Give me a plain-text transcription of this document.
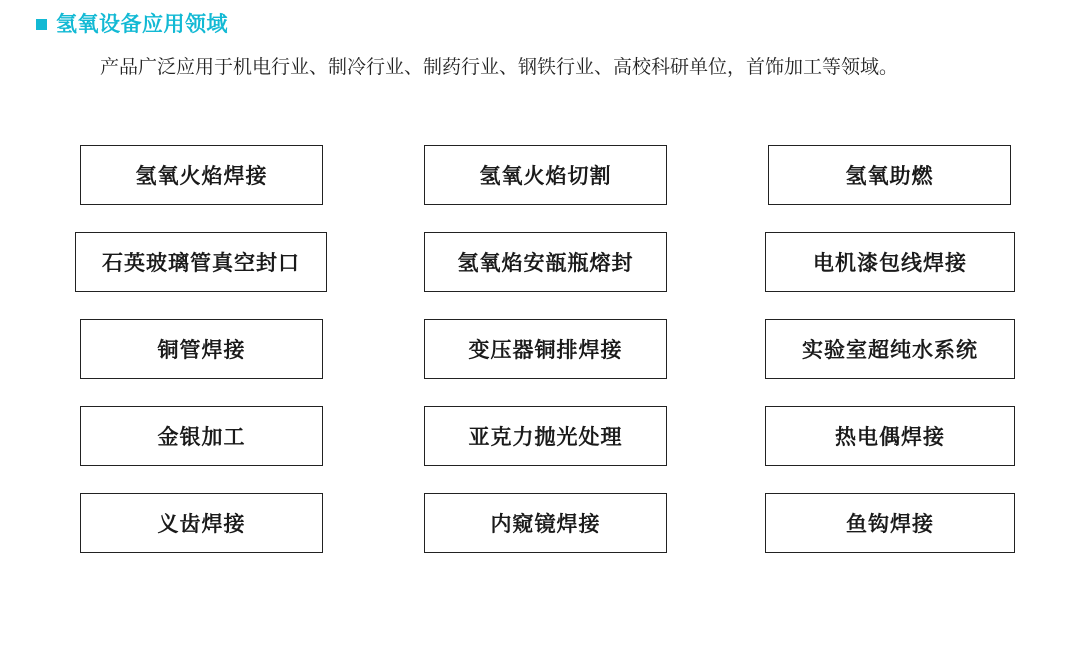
氢氧设备应用领域

产品广泛应用于机电行业、制冷行业、制药行业、钢铁行业、高校科研单位，首饰加工等领域。

氢氧火焰焊接	氢氧火焰切割	氢氧助燃
石英玻璃管真空封口	氢氧焰安瓿瓶熔封	电机漆包线焊接
铜管焊接	变压器铜排焊接	实验室超纯水系统
金银加工	亚克力抛光处理	热电偶焊接
义齿焊接	内窥镜焊接	鱼钩焊接
